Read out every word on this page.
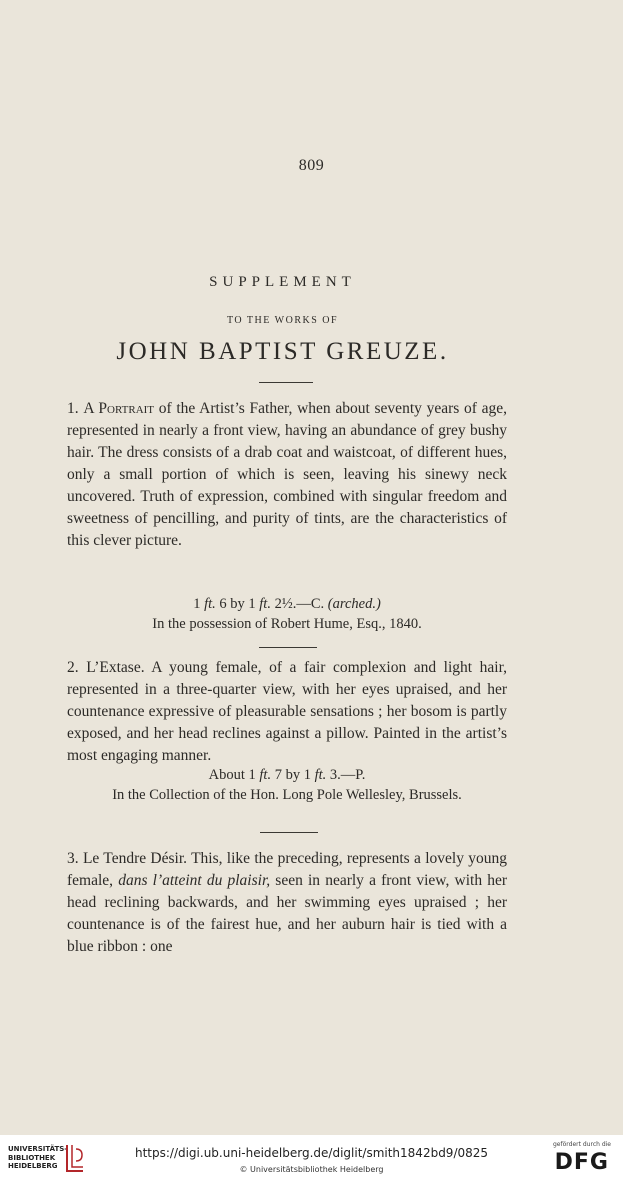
809
SUPPLEMENT
TO THE WORKS OF
JOHN BAPTIST GREUZE.
1. A Portrait of the Artist’s Father, when about seventy years of age, represented in nearly a front view, having an abundance of grey bushy hair. The dress consists of a drab coat and waistcoat, of different hues, only a small portion of which is seen, leaving his sinewy neck uncovered. Truth of expression, combined with singular freedom and sweetness of pencilling, and purity of tints, are the characteristics of this clever picture.
1 ft. 6 by 1 ft. 2½.—C. (arched.)
In the possession of Robert Hume, Esq., 1840.
2. L’Extase. A young female, of a fair complexion and light hair, represented in a three-quarter view, with her eyes upraised, and her countenance expressive of pleasurable sensations ; her bosom is partly exposed, and her head reclines against a pillow. Painted in the artist’s most engaging manner.
About 1 ft. 7 by 1 ft. 3.—P.
In the Collection of the Hon. Long Pole Wellesley, Brussels.
3. Le Tendre Désir. This, like the preceding, represents a lovely young female, dans l’atteint du plaisir, seen in nearly a front view, with her head reclining backwards, and her swimming eyes upraised ; her countenance is of the fairest hue, and her auburn hair is tied with a blue ribbon : one
UNIVERSITÄTS- BIBLIOTHEK HEIDELBERG
https://digi.ub.uni-heidelberg.de/diglit/smith1842bd9/0825
© Universitätsbibliothek Heidelberg
gefördert durch die
DFG
